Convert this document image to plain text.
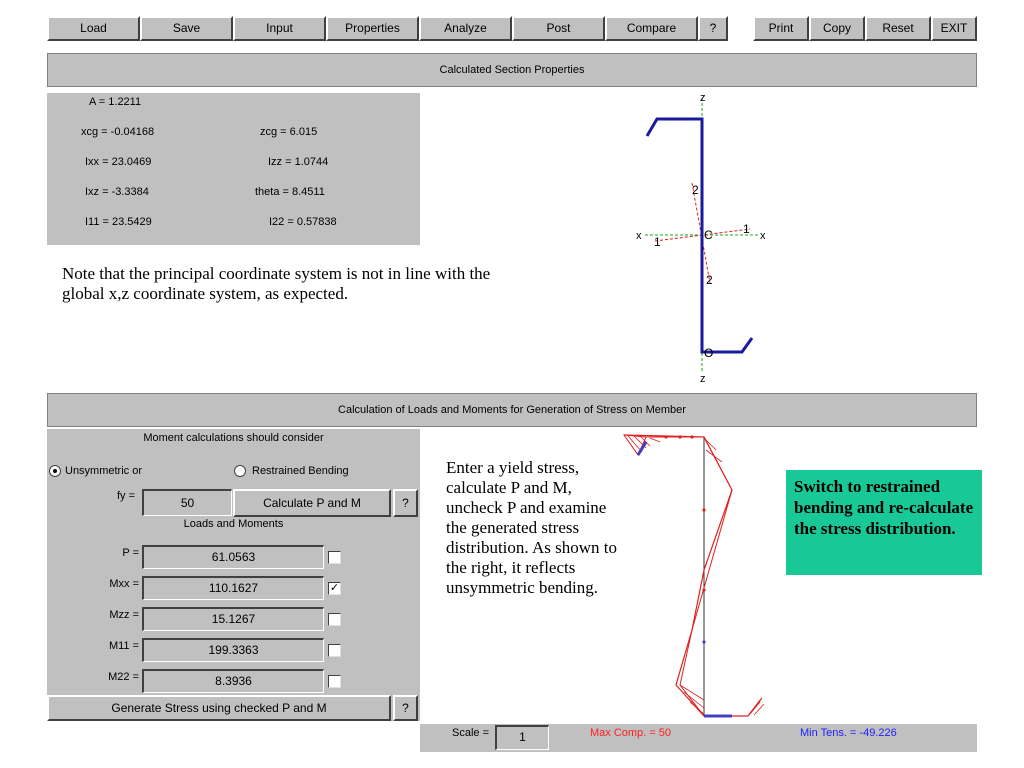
Load	Save	Input	Properties	Analyze	Post	Compare	?	Print	Copy	Reset	EXIT
Calculated Section Properties
A = 1.2211
xcg = -0.04168	zcg = 6.015
Ixx = 23.0469	Izz = 1.0744
Ixz = -3.3384	theta = 8.4511
I11 = 23.5429	I22 = 0.57838
Note that the principal coordinate system is not in line with the global x,z coordinate system, as expected.
z
z
x	x
1
1
2
2
C
O
Calculation of Loads and Moments for Generation of Stress on Member
Moment calculations should consider
Unsymmetric or	Restrained Bending
fy =	50	Calculate P and M	?
Loads and Moments
P =	61.0563
Mxx =	110.1627	✓
Mzz =	15.1267
M11 =	199.3363
M22 =	8.3936
Generate Stress using checked P and M	?
Enter a yield stress, calculate P and M, uncheck P and examine the generated stress distribution. As shown to the right, it reflects unsymmetric bending.
Switch to restrained bending and re-calculate the stress distribution.
Scale =	1	Max Comp. = 50	Min Tens. = -49.226
